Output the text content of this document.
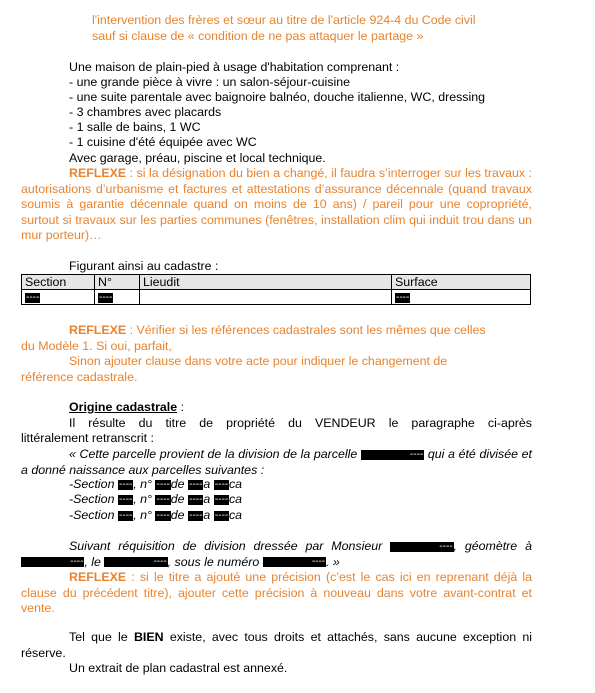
l'intervention des frères et sœur au titre de l'article 924-4 du Code civil
sauf si clause de « condition de ne pas attaquer le partage »
Une maison de plain-pied à usage d'habitation comprenant :
- une grande pièce à vivre : un salon-séjour-cuisine
- une suite parentale avec baignoire balnéo, douche italienne, WC, dressing
- 3 chambres avec placards
- 1 salle de bains, 1 WC
- 1 cuisine d'été équipée avec WC
Avec garage, préau, piscine et local technique.
REFLEXE : si la désignation du bien a changé, il faudra s’interroger sur les travaux : autorisations d’urbanisme et factures et attestations d’assurance décennale (quand travaux soumis à garantie décennale quand on moins de 10 ans) / pareil pour une copropriété, surtout si travaux sur les parties communes (fenêtres, installation clim qui induit trou dans un mur porteur)…
Figurant ainsi au cadastre :
Section	N°	Lieudit	Surface
----	----		----
REFLEXE : Vérifier si les références cadastrales sont les mêmes que celles
du Modèle 1. Si oui, parfait,
Sinon ajouter clause dans votre acte pour indiquer le changement de
référence cadastrale.
Origine cadastrale :
Il résulte du titre de propriété du VENDEUR le paragraphe ci-après
littéralement retranscrit :
« Cette parcelle provient de la division de la parcelle	---- qui a été divisée et a donné naissance aux parcelles suivantes :
-Section ----, n° ----de ----a ----ca
-Section ----, n° ----de ----a ----ca
-Section ----, n° ----de ----a ----ca
Suivant réquisition de division dressée par Monsieur	----, géomètre à ----, le	----, sous le numéro	----. »
REFLEXE : si le titre a ajouté une précision (c’est le cas ici en reprenant déjà la clause du précédent titre), ajouter cette précision à nouveau dans votre avant-contrat et vente.
Tel que le BIEN existe, avec tous droits et attachés, sans aucune exception ni réserve.
Un extrait de plan cadastral est annexé.
